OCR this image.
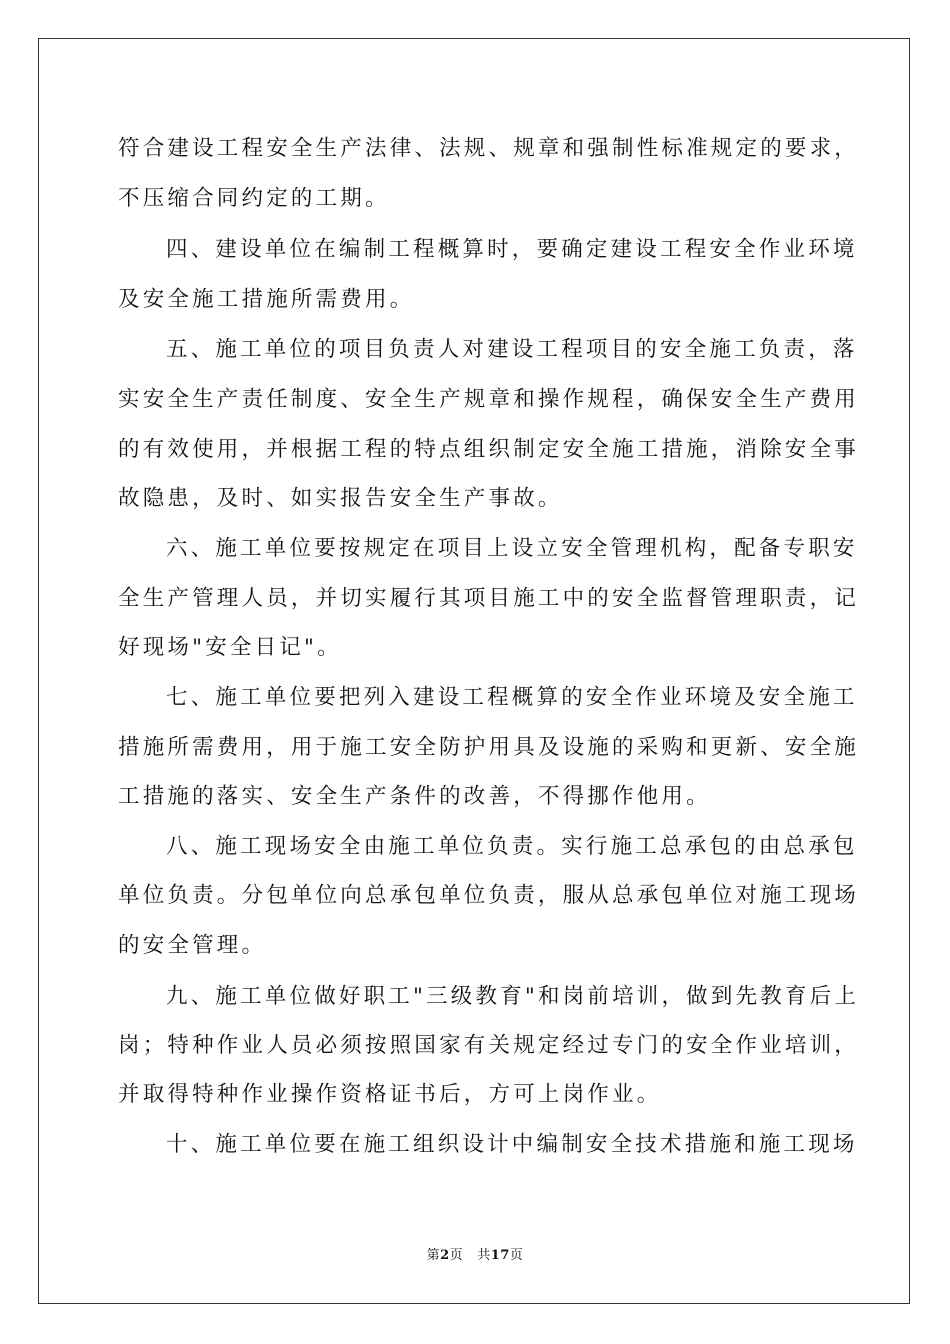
符合建设工程安全生产法律、法规、规章和强制性标准规定的要求，
不压缩合同约定的工期。
四、建设单位在编制工程概算时，要确定建设工程安全作业环境
及安全施工措施所需费用。
五、施工单位的项目负责人对建设工程项目的安全施工负责，落
实安全生产责任制度、安全生产规章和操作规程，确保安全生产费用
的有效使用，并根据工程的特点组织制定安全施工措施，消除安全事
故隐患，及时、如实报告安全生产事故。
六、施工单位要按规定在项目上设立安全管理机构，配备专职安
全生产管理人员，并切实履行其项目施工中的安全监督管理职责，记
好现场"安全日记"。
七、施工单位要把列入建设工程概算的安全作业环境及安全施工
措施所需费用，用于施工安全防护用具及设施的采购和更新、安全施
工措施的落实、安全生产条件的改善，不得挪作他用。
八、施工现场安全由施工单位负责。实行施工总承包的由总承包
单位负责。分包单位向总承包单位负责，服从总承包单位对施工现场
的安全管理。
九、施工单位做好职工"三级教育"和岗前培训，做到先教育后上
岗；特种作业人员必须按照国家有关规定经过专门的安全作业培训，
并取得特种作业操作资格证书后，方可上岗作业。
十、施工单位要在施工组织设计中编制安全技术措施和施工现场
第2页 共17页
